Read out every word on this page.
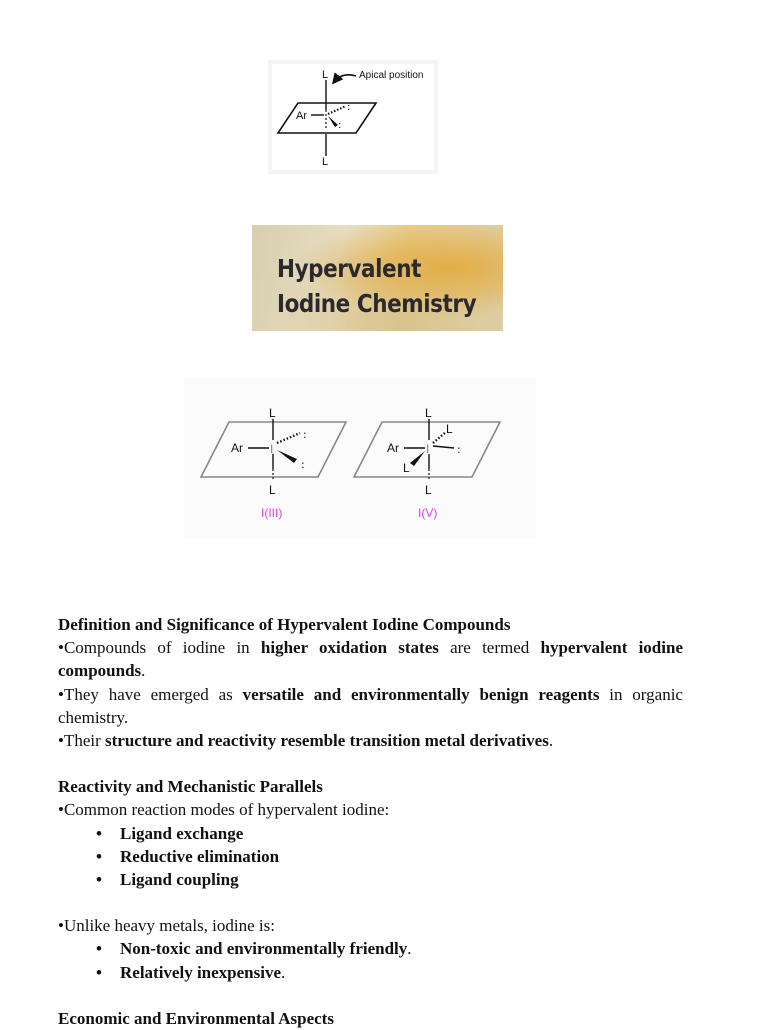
:
:
Ar
L
L
Apical position
Hypervalent
Iodine Chemistry
:
:
I
Ar
L
L
I(III)
:
I
Ar
L
L
L
L
I(V)

Definition and Significance of Hypervalent Iodine Compounds

•Compounds of iodine in higher oxidation states are termed hypervalent iodine compounds.

•They have emerged as versatile and environmentally benign reagents in organic chemistry.

•Their structure and reactivity resemble transition metal derivatives.

Reactivity and Mechanistic Parallels

•Common reaction modes of hypervalent iodine:

• Ligand exchange
• Reductive elimination
• Ligand coupling

•Unlike heavy metals, iodine is:

• Non-toxic and environmentally friendly.
• Relatively inexpensive.

Economic and Environmental Aspects
